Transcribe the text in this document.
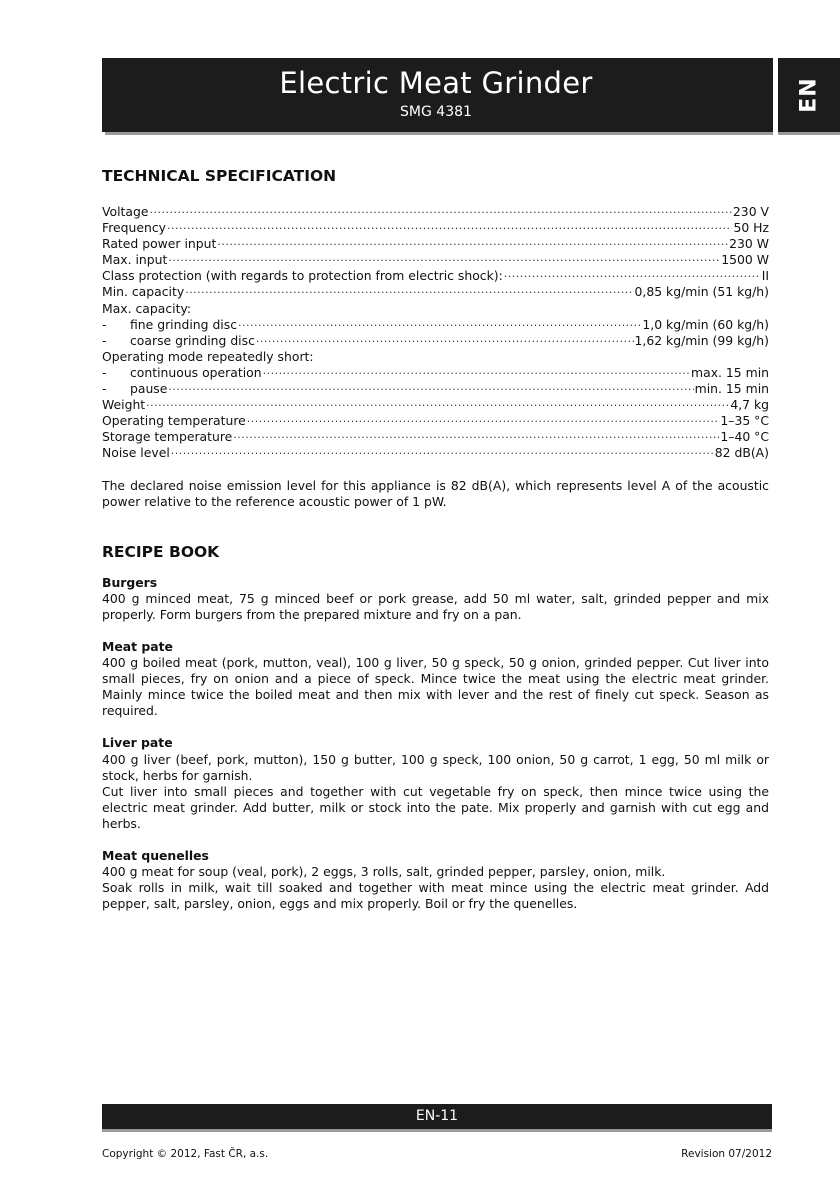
Electric Meat Grinder
SMG 4381	EN
TECHNICAL SPECIFICATION
Voltage .....	230 V
Frequency .....	50 Hz
Rated power input .....	230 W
Max. input .....	1500 W
Class protection (with regards to protection from electric shock): .....	II
Min. capacity .....	0,85 kg/min (51 kg/h)
Max. capacity:
- fine grinding disc .....	1,0 kg/min (60 kg/h)
- coarse grinding disc .....	1,62 kg/min (99 kg/h)
Operating mode repeatedly short:
- continuous operation .....	max. 15 min
- pause .....	min. 15 min
Weight .....	4,7 kg
Operating temperature .....	1–35 °C
Storage temperature .....	1–40 °C
Noise level .....	82 dB(A)

The declared noise emission level for this appliance is 82 dB(A), which represents level A of the acoustic power relative to the reference acoustic power of 1 pW.

RECIPE BOOK
Burgers

400 g minced meat, 75 g minced beef or pork grease, add 50 ml water, salt, grinded pepper and mix properly. Form burgers from the prepared mixture and fry on a pan.

Meat pate

400 g boiled meat (pork, mutton, veal), 100 g liver, 50 g speck, 50 g onion, grinded pepper. Cut liver into small pieces, fry on onion and a piece of speck. Mince twice the meat using the electric meat grinder. Mainly mince twice the boiled meat and then mix with lever and the rest of finely cut speck. Season as required.

Liver pate

400 g liver (beef, pork, mutton), 150 g butter, 100 g speck, 100 onion, 50 g carrot, 1 egg, 50 ml milk or stock, herbs for garnish.

Cut liver into small pieces and together with cut vegetable fry on speck, then mince twice using the electric meat grinder. Add butter, milk or stock into the pate. Mix properly and garnish with cut egg and herbs.

Meat quenelles

400 g meat for soup (veal, pork), 2 eggs, 3 rolls, salt, grinded pepper, parsley, onion, milk.

Soak rolls in milk, wait till soaked and together with meat mince using the electric meat grinder. Add pepper, salt, parsley, onion, eggs and mix properly. Boil or fry the quenelles.

EN-11
Copyright © 2012, Fast ČR, a.s.	Revision 07/2012
